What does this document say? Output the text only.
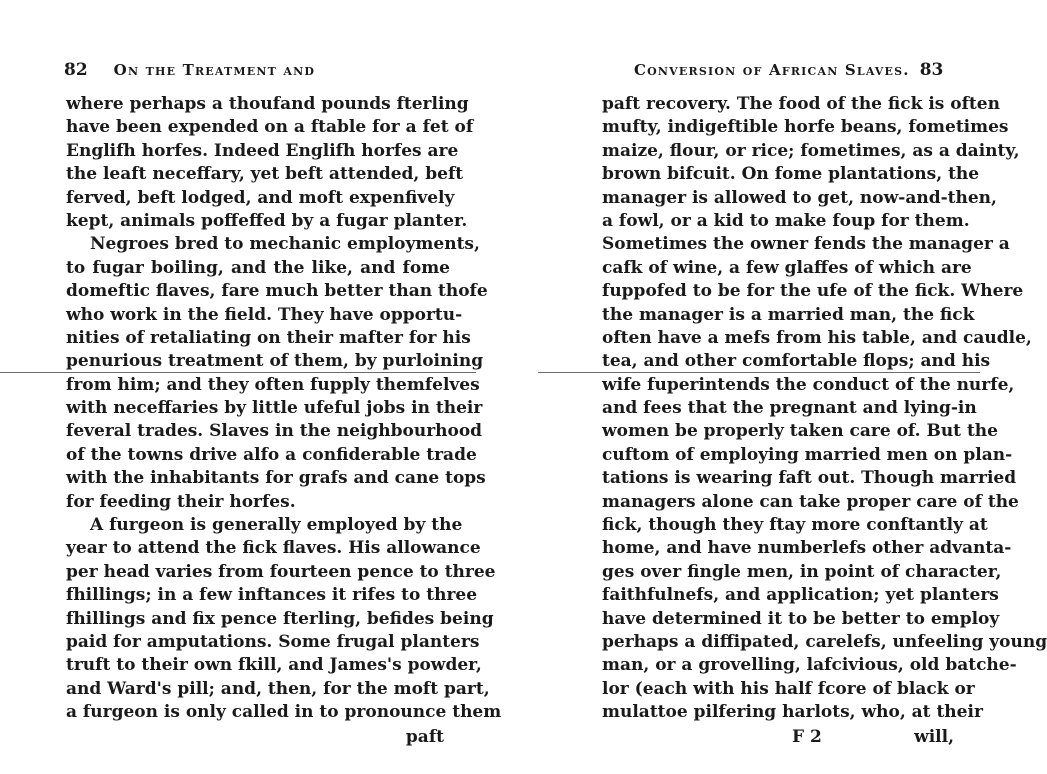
82 On the Treatment and
where perhaps a thoufand pounds fterling
have been expended on a ftable for a fet of
Englifh horfes. Indeed Englifh horfes are
the leaft neceffary, yet beft attended, beft
ferved, beft lodged, and moft expenfively
kept, animals poffeffed by a fugar planter.
Negroes bred to mechanic employments,
to fugar boiling, and the like, and fome
domeftic flaves, fare much better than thofe
who work in the field. They have opportu-
nities of retaliating on their mafter for his
penurious treatment of them, by purloining
from him; and they often fupply themfelves
with neceffaries by little ufeful jobs in their
feveral trades. Slaves in the neighbourhood
of the towns drive alfo a confiderable trade
with the inhabitants for grafs and cane tops
for feeding their horfes.
A furgeon is generally employed by the
year to attend the fick flaves. His allowance
per head varies from fourteen pence to three
fhillings; in a few inftances it rifes to three
fhillings and fix pence fterling, befides being
paid for amputations. Some frugal planters
truft to their own fkill, and James's powder,
and Ward's pill; and, then, for the moft part,
a furgeon is only called in to pronounce them
paft
Conversion of African Slaves. 83
paft recovery. The food of the fick is often
mufty, indigeftible horfe beans, fometimes
maize, flour, or rice; fometimes, as a dainty,
brown bifcuit. On fome plantations, the
manager is allowed to get, now-and-then,
a fowl, or a kid to make foup for them.
Sometimes the owner fends the manager a
cafk of wine, a few glaffes of which are
fuppofed to be for the ufe of the fick. Where
the manager is a married man, the fick
often have a mefs from his table, and caudle,
tea, and other comfortable flops; and his
wife fuperintends the conduct of the nurfe,
and fees that the pregnant and lying-in
women be properly taken care of. But the
cuftom of employing married men on plan-
tations is wearing faft out. Though married
managers alone can take proper care of the
fick, though they ftay more conftantly at
home, and have numberlefs other advanta-
ges over fingle men, in point of character,
faithfulnefs, and application; yet planters
have determined it to be better to employ
perhaps a diffipated, carelefs, unfeeling young
man, or a grovelling, lafcivious, old batche-
lor (each with his half fcore of black or
mulattoe pilfering harlots, who, at their
F 2	will,
